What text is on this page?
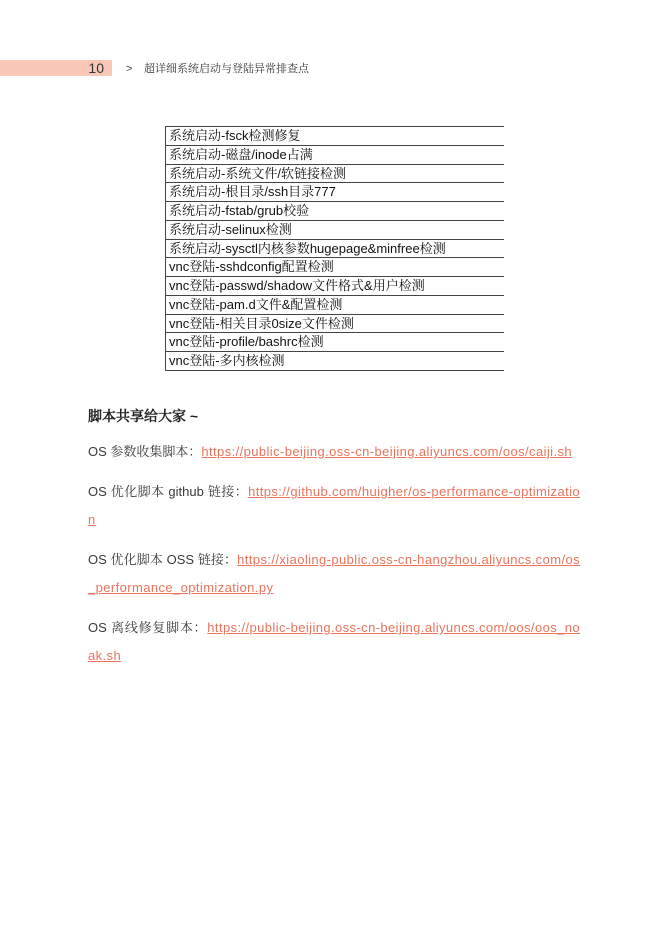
10	> 超详细系统启动与登陆异常排查点
系统启动-fsck检测修复
系统启动-磁盘/inode占满
系统启动-系统文件/软链接检测
系统启动-根目录/ssh目录777
系统启动-fstab/grub校验
系统启动-selinux检测
系统启动-sysctl内核参数hugepage&minfree检测
vnc登陆-sshdconfig配置检测
vnc登陆-passwd/shadow文件格式&用户检测
vnc登陆-pam.d文件&配置检测
vnc登陆-相关目录0size文件检测
vnc登陆-profile/bashrc检测
vnc登陆-多内核检测
脚本共享给大家 ~

OS 参数收集脚本：https://public-beijing.oss-cn-beijing.aliyuncs.com/oos/caiji.sh

OS 优化脚本 github 链接：https://github.com/huigher/os-performance-optimization

OS 优化脚本 OSS 链接：https://xiaoling-public.oss-cn-hangzhou.aliyuncs.com/os_performance_optimization.py

OS 离线修复脚本：https://public-beijing.oss-cn-beijing.aliyuncs.com/oos/oos_noak.sh
